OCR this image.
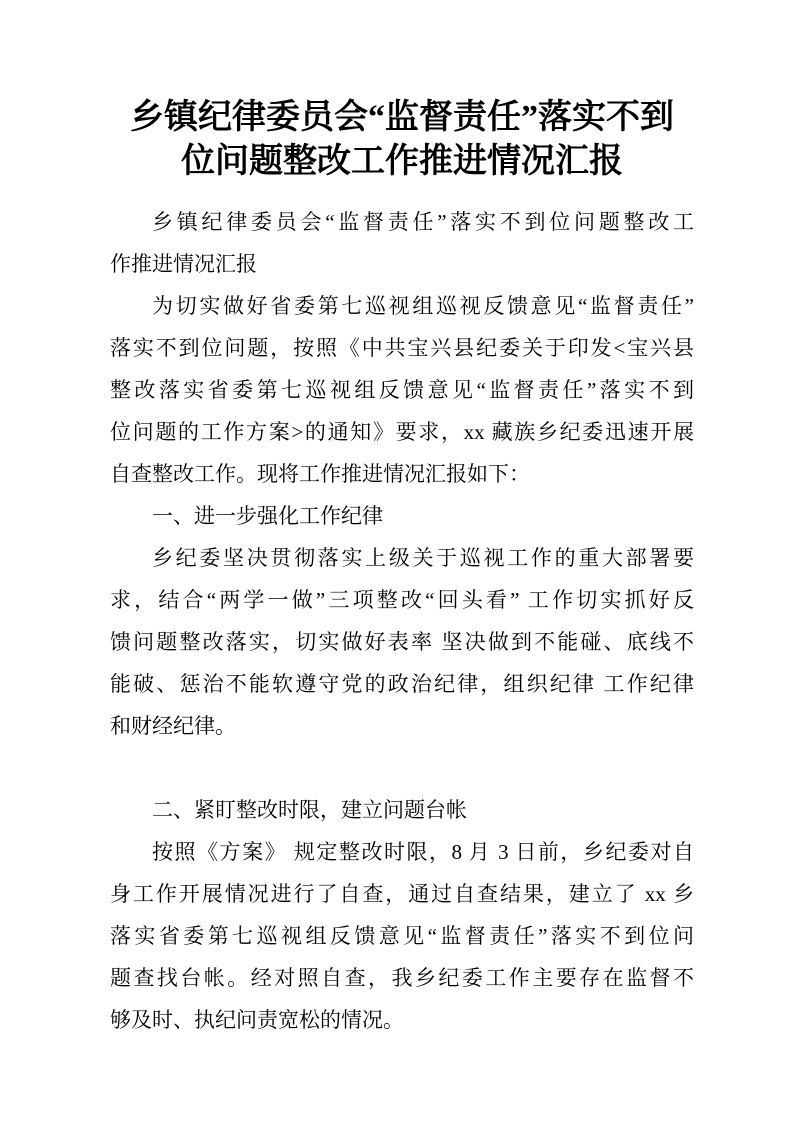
乡镇纪律委员会“监督责任”落实不到
位问题整改工作推进情况汇报
乡镇纪律委员会“监督责任”落实不到位问题整改工
作推进情况汇报
为切实做好省委第七巡视组巡视反馈意见“监督责任”
落实不到位问题，按照《中共宝兴县纪委关于印发<宝兴县
整改落实省委第七巡视组反馈意见“监督责任”落实不到
位问题的工作方案>的通知》要求，xx 藏族乡纪委迅速开展
自查整改工作。现将工作推进情况汇报如下：
一、进一步强化工作纪律
乡纪委坚决贯彻落实上级关于巡视工作的重大部署要
求，结合“两学一做”三项整改“回头看” 工作切实抓好反
馈问题整改落实，切实做好表率 坚决做到不能碰、底线不
能破、惩治不能软遵守党的政治纪律，组织纪律 工作纪律
和财经纪律。
二、紧盯整改时限，建立问题台帐
按照《方案》 规定整改时限，8 月 3 日前，乡纪委对自
身工作开展情况进行了自查，通过自查结果，建立了 xx 乡
落实省委第七巡视组反馈意见“监督责任”落实不到位问
题查找台帐。经对照自查，我乡纪委工作主要存在监督不
够及时、执纪问责宽松的情况。
